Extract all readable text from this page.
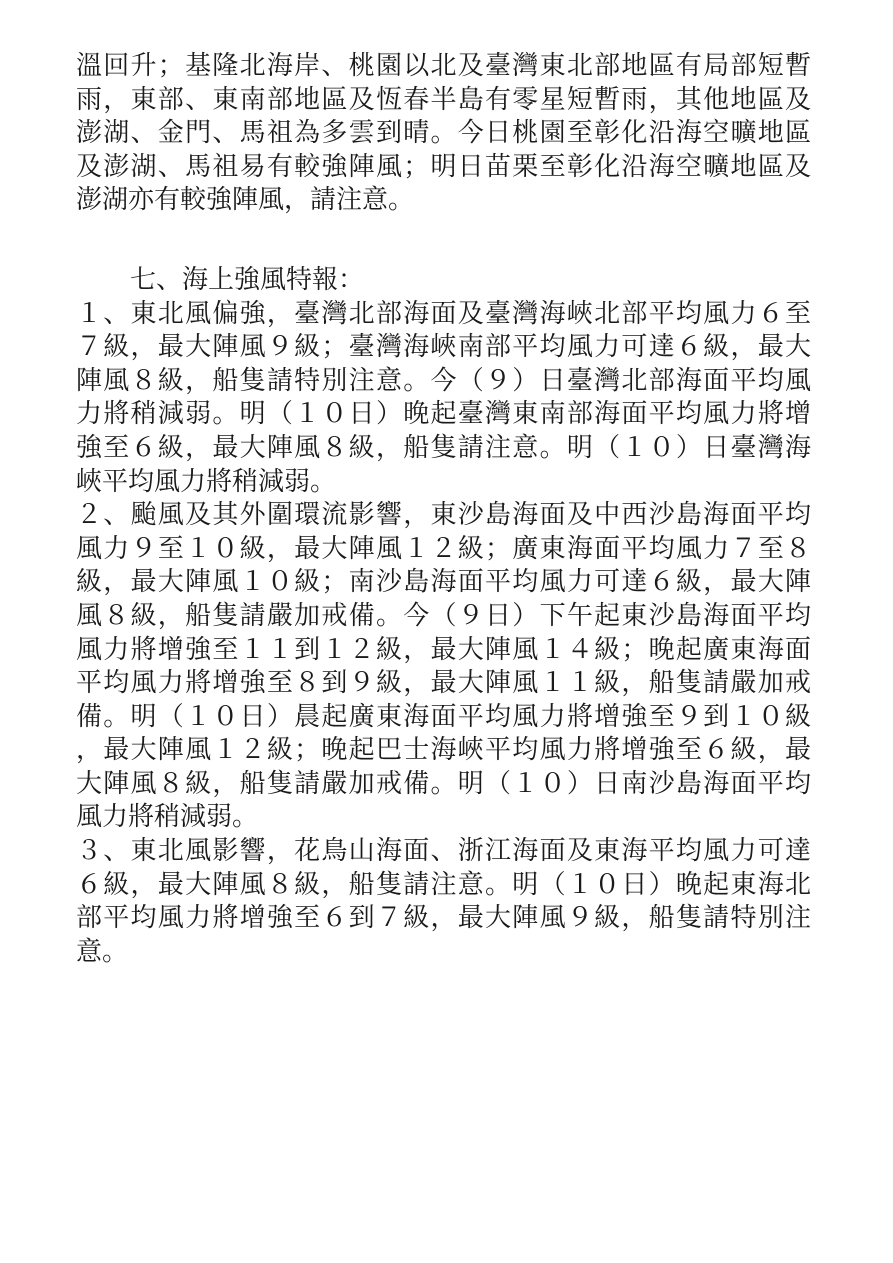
溫回升；基隆北海岸、桃園以北及臺灣東北部地區有局部短暫
雨，東部、東南部地區及恆春半島有零星短暫雨，其他地區及
澎湖、金門、馬祖為多雲到晴。今日桃園至彰化沿海空曠地區
及澎湖、馬祖易有較強陣風；明日苗栗至彰化沿海空曠地區及
澎湖亦有較強陣風，請注意。
七、海上強風特報：
１、東北風偏強，臺灣北部海面及臺灣海峽北部平均風力６至
７級，最大陣風９級；臺灣海峽南部平均風力可達６級，最大
陣風８級，船隻請特別注意。今（９）日臺灣北部海面平均風
力將稍減弱。明（１０日）晚起臺灣東南部海面平均風力將增
強至６級，最大陣風８級，船隻請注意。明（１０）日臺灣海
峽平均風力將稍減弱。
２、颱風及其外圍環流影響，東沙島海面及中西沙島海面平均
風力９至１０級，最大陣風１２級；廣東海面平均風力７至８
級，最大陣風１０級；南沙島海面平均風力可達６級，最大陣
風８級，船隻請嚴加戒備。今（９日）下午起東沙島海面平均
風力將增強至１１到１２級，最大陣風１４級；晚起廣東海面
平均風力將增強至８到９級，最大陣風１１級，船隻請嚴加戒
備。明（１０日）晨起廣東海面平均風力將增強至９到１０級
，最大陣風１２級；晚起巴士海峽平均風力將增強至６級，最
大陣風８級，船隻請嚴加戒備。明（１０）日南沙島海面平均
風力將稍減弱。
３、東北風影響，花鳥山海面、浙江海面及東海平均風力可達
６級，最大陣風８級，船隻請注意。明（１０日）晚起東海北
部平均風力將增強至６到７級，最大陣風９級，船隻請特別注
意。
